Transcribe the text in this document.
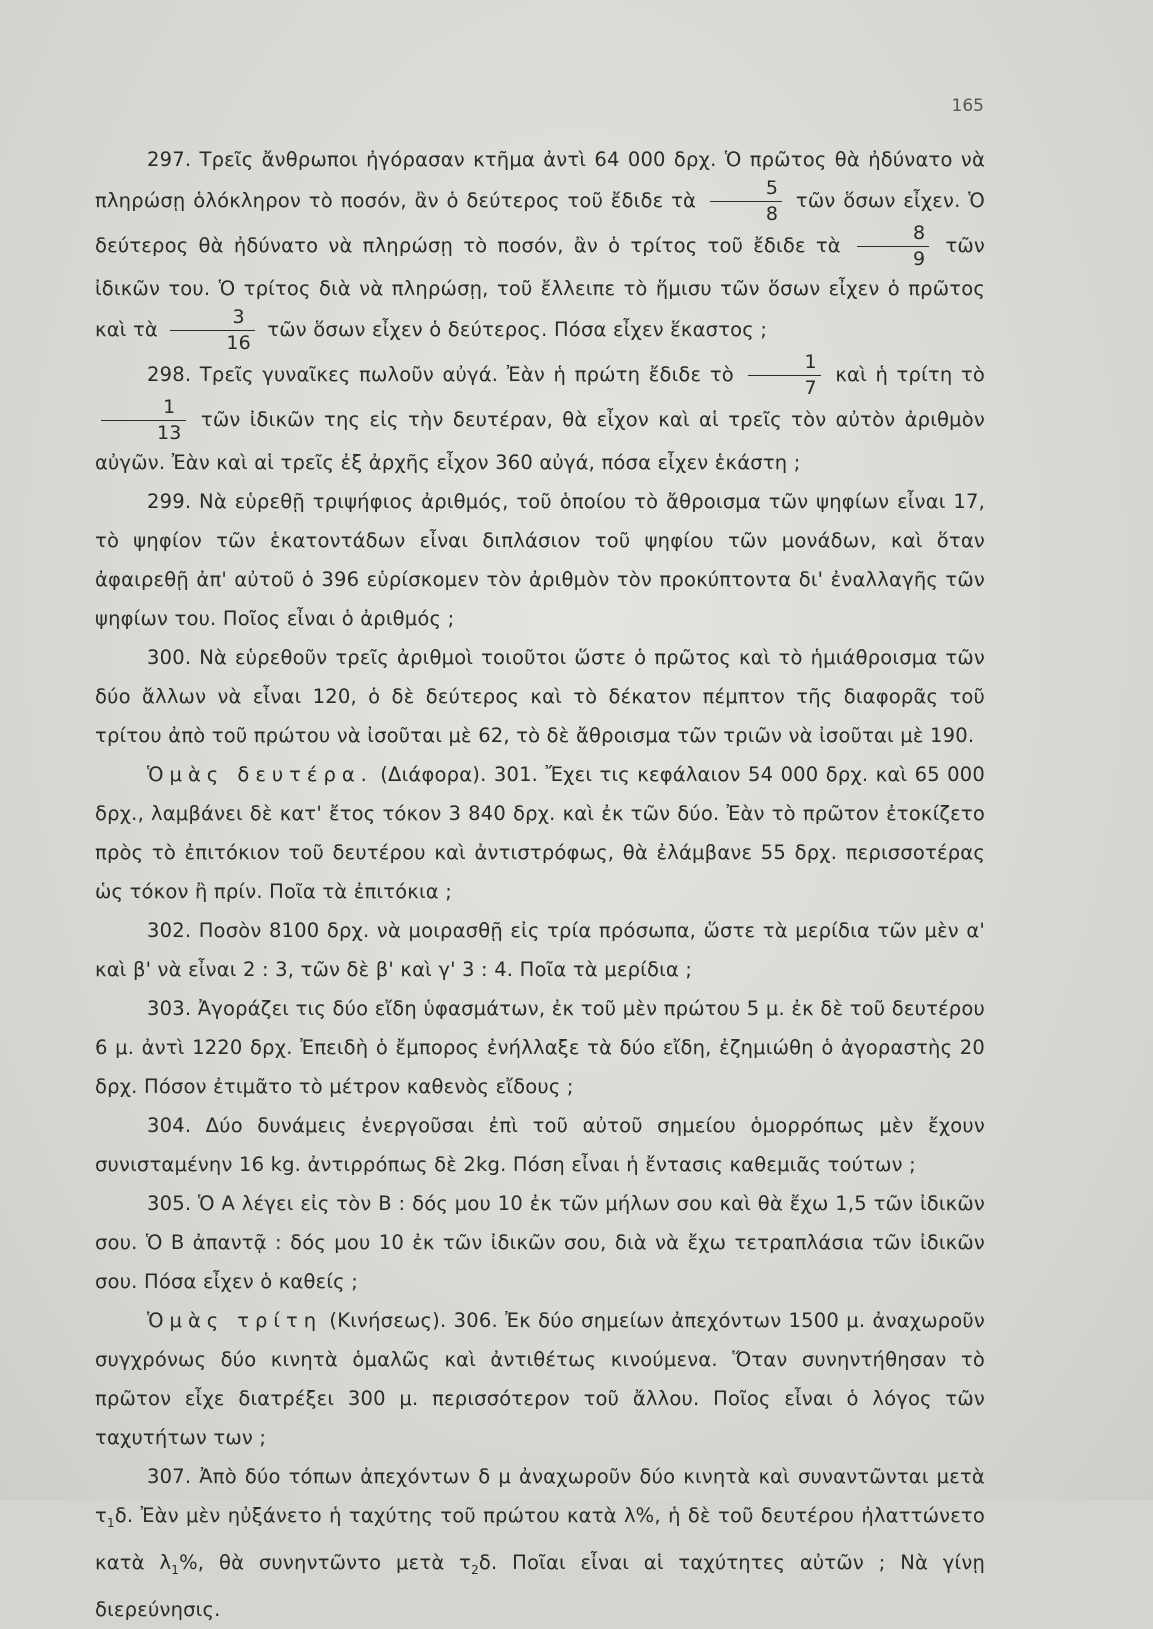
165

297. Τρεῖς ἄνθρωποι ἠγόρασαν κτῆμα ἀντὶ 64 000 δρχ. Ὁ πρῶτος θὰ ἠδύνατο νὰ πληρώσῃ ὁλόκληρον τὸ ποσόν, ἂν ὁ δεύτερος τοῦ ἔδιδε τὰ $\frac{5}{8}$ τῶν ὅσων εἶχεν. Ὁ δεύτερος θὰ ἠδύνατο νὰ πληρώσῃ τὸ ποσόν, ἂν ὁ τρίτος τοῦ ἔδιδε τὰ $\frac{8}{9}$ τῶν ἰδικῶν του. Ὁ τρίτος διὰ νὰ πληρώσῃ, τοῦ ἔλλειπε τὸ ἥμισυ τῶν ὅσων εἶχεν ὁ πρῶτος καὶ τὰ $\frac{3}{16}$ τῶν ὅσων εἶχεν ὁ δεύτερος. Πόσα εἶχεν ἕκαστος ;

298. Τρεῖς γυναῖκες πωλοῦν αὐγά. Ἐὰν ἡ πρώτη ἔδιδε τὸ $\frac{1}{7}$ καὶ ἡ τρίτη τὸ
$\frac{1}{13}$ τῶν ἰδικῶν της εἰς τὴν δευτέραν, θὰ εἶχον καὶ αἱ τρεῖς τὸν αὐτὸν ἀριθμὸν αὐγῶν. Ἐὰν καὶ αἱ τρεῖς ἐξ ἀρχῆς εἶχον 360 αὐγά, πόσα εἶχεν ἑκάστη ;

299. Νὰ εὑρεθῇ τριψήφιος ἀριθμός, τοῦ ὁποίου τὸ ἄθροισμα τῶν ψηφίων εἶναι 17, τὸ ψηφίον τῶν ἑκατοντάδων εἶναι διπλάσιον τοῦ ψηφίου τῶν μονάδων, καὶ ὅταν ἀφαιρεθῇ ἀπ' αὐτοῦ ὁ 396 εὑρίσκομεν τὸν ἀριθμὸν τὸν προκύπτοντα δι' ἐναλλαγῆς τῶν ψηφίων του. Ποῖος εἶναι ὁ ἀριθμός ;

300. Νὰ εὑρεθοῦν τρεῖς ἀριθμοὶ τοιοῦτοι ὥστε ὁ πρῶτος καὶ τὸ ἡμιάθροισμα τῶν δύο ἄλλων νὰ εἶναι 120, ὁ δὲ δεύτερος καὶ τὸ δέκατον πέμπτον τῆς διαφορᾶς τοῦ τρίτου ἀπὸ τοῦ πρώτου νὰ ἰσοῦται μὲ 62, τὸ δὲ ἄθροισμα τῶν τριῶν νὰ ἰσοῦται μὲ 190.

Ὁμὰς δευτέρα. (Διάφορα). 301. Ἔχει τις κεφάλαιον 54 000 δρχ. καὶ 65 000 δρχ., λαμβάνει δὲ κατ' ἔτος τόκον 3 840 δρχ. καὶ ἐκ τῶν δύο. Ἐὰν τὸ πρῶτον ἐτοκίζετο πρὸς τὸ ἐπιτόκιον τοῦ δευτέρου καὶ ἀντιστρόφως, θὰ ἐλάμβανε 55 δρχ. περισσοτέρας ὡς τόκον ἢ πρίν. Ποῖα τὰ ἐπιτόκια ;

302. Ποσὸν 8100 δρχ. νὰ μοιρασθῇ εἰς τρία πρόσωπα, ὥστε τὰ μερίδια τῶν μὲν α' καὶ β' νὰ εἶναι 2 : 3, τῶν δὲ β' καὶ γ' 3 : 4. Ποῖα τὰ μερίδια ;

303. Ἀγοράζει τις δύο εἴδη ὑφασμάτων, ἐκ τοῦ μὲν πρώτου 5 μ. ἐκ δὲ τοῦ δευτέρου 6 μ. ἀντὶ 1220 δρχ. Ἐπειδὴ ὁ ἔμπορος ἐνήλλαξε τὰ δύο εἴδη, ἐζημιώθη ὁ ἀγοραστὴς 20 δρχ. Πόσον ἐτιμᾶτο τὸ μέτρον καθενὸς εἴδους ;

304. Δύο δυνάμεις ἐνεργοῦσαι ἐπὶ τοῦ αὐτοῦ σημείου ὁμορρόπως μὲν ἔχουν συνισταμένην 16 kg. ἀντιρρόπως δὲ 2kg. Πόση εἶναι ἡ ἔντασις καθεμιᾶς τούτων ;

305. Ὁ Α λέγει εἰς τὸν Β : δός μου 10 ἐκ τῶν μήλων σου καὶ θὰ ἔχω 1,5 τῶν ἰδικῶν σου. Ὁ Β ἀπαντᾷ : δός μου 10 ἐκ τῶν ἰδικῶν σου, διὰ νὰ ἔχω τετραπλάσια τῶν ἰδικῶν σου. Πόσα εἶχεν ὁ καθείς ;

Ὁμὰς τρίτη (Κινήσεως). 306. Ἐκ δύο σημείων ἀπεχόντων 1500 μ. ἀναχωροῦν συγχρόνως δύο κινητὰ ὁμαλῶς καὶ ἀντιθέτως κινούμενα. Ὅταν συνηντήθησαν τὸ πρῶτον εἶχε διατρέξει 300 μ. περισσότερον τοῦ ἄλλου. Ποῖος εἶναι ὁ λόγος τῶν ταχυτήτων των ;

307. Ἀπὸ δύο τόπων ἀπεχόντων δ μ ἀναχωροῦν δύο κινητὰ καὶ συναντῶνται μετὰ $\tau_1\delta$. Ἐὰν μὲν ηὐξάνετο ἡ ταχύτης τοῦ πρώτου κατὰ λ%, ἡ δὲ τοῦ δευτέρου ἠλαττώνετο κατὰ $\lambda_1\%$, θὰ συνηντῶντο μετὰ $\tau_2\delta$. Ποῖαι εἶναι αἱ ταχύτητες αὐτῶν ; Νὰ γίνῃ διερεύνησις.
